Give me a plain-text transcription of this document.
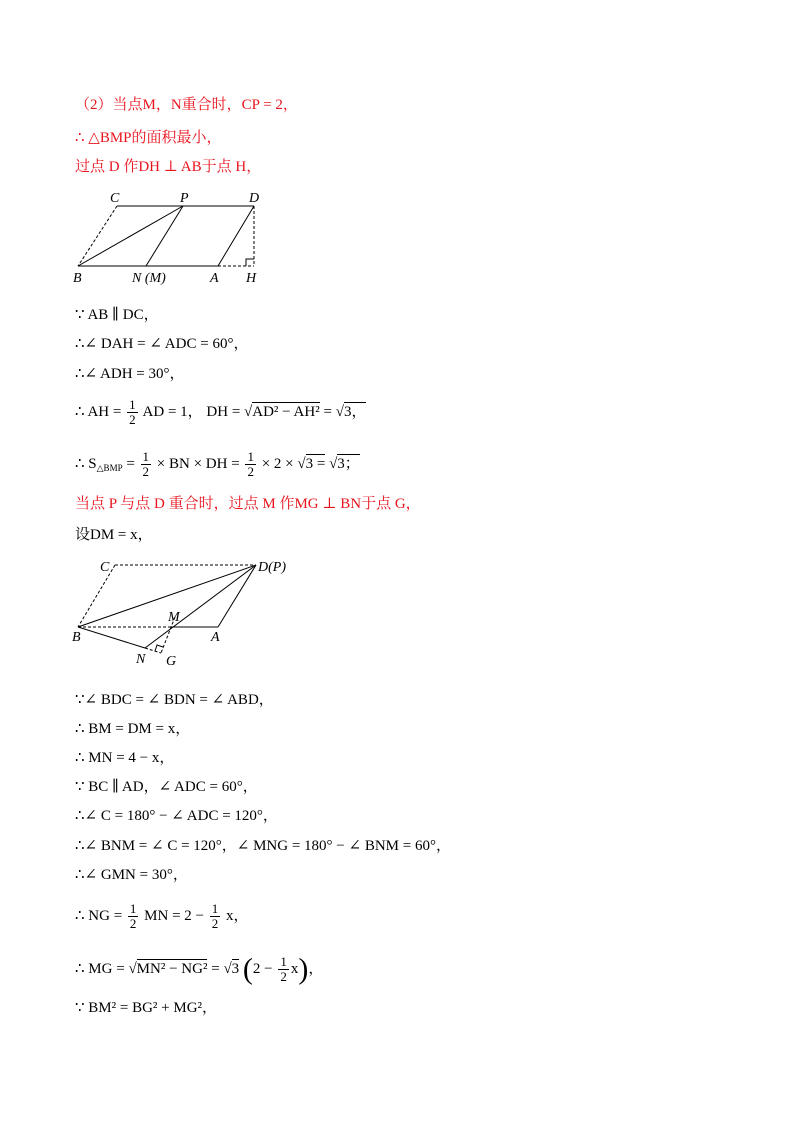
（2）当点M，N重合时，CP = 2，
∴ △BMP的面积最小，
过点 D 作DH ⊥ AB于点 H，
C	P	D
B	N (M)	A H
∵ AB ∥ DC，
∴∠ DAH = ∠ ADC = 60°，
∴∠ ADH = 30°，
∴ AH = $\frac{1}{2}$ AD = 1， DH = √AD² − AH² = √3，
∴ $S_{\triangle BMP} = \frac{1}{2}$ × BN × DH = $\frac{1}{2} \times 2 \times √3 = √3$；
当点 P 与点 D 重合时，过点 M 作MG ⊥ BN于点 G，
设DM = x，
C	D(P)
M
B	A
N G
∵∠ BDC = ∠ BDN = ∠ ABD，
∴ BM = DM = x，
∴ MN = 4 − x，
∵ BC ∥ AD，∠ ADC = 60°，
∴∠ C = 180° − ∠ ADC = 120°，
∴∠ BNM = ∠ C = 120°，∠ MNG = 180° − ∠ BNM = 60°，
∴∠ GMN = 30°，
∴ NG = $\frac{1}{2}$ MN = $2 - \frac{1}{2}$ x，
∴ MG = √MN² − NG² = √3 $(2 - \frac{1}{2} x)$，
∵ BM² = BG² + MG²，
